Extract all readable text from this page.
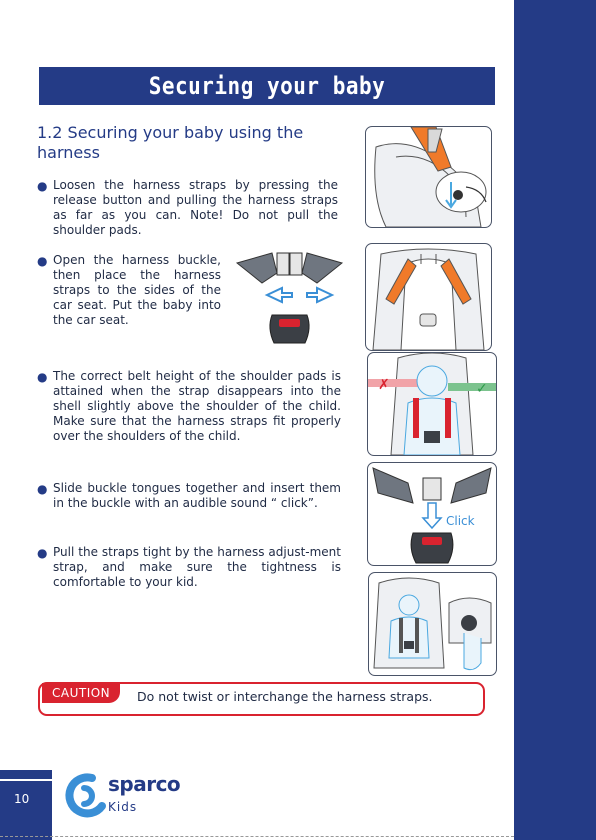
Securing your baby
1.2 Securing your baby using the harness
● Loosen the harness straps by pressing the release button and pulling the harness straps as far as you can. Note! Do not pull the shoulder pads.

● Open the harness buckle, then place the harness straps to the sides of the car seat. Put the baby into the car seat.

● The correct belt height of the shoulder pads is attained when the strap disappears into the shell slightly above the shoulder of the child. Make sure that the harness straps fit properly over the shoulders of the child.

● Slide buckle tongues together and insert them in the buckle with an audible sound “ click”.

● Pull the straps tight by the harness adjust-ment strap, and make sure the tightness is comfortable to your kid.

✗	✓
Click
CAUTION	Do not twist or interchange the harness straps.
10
sparco
Kids
